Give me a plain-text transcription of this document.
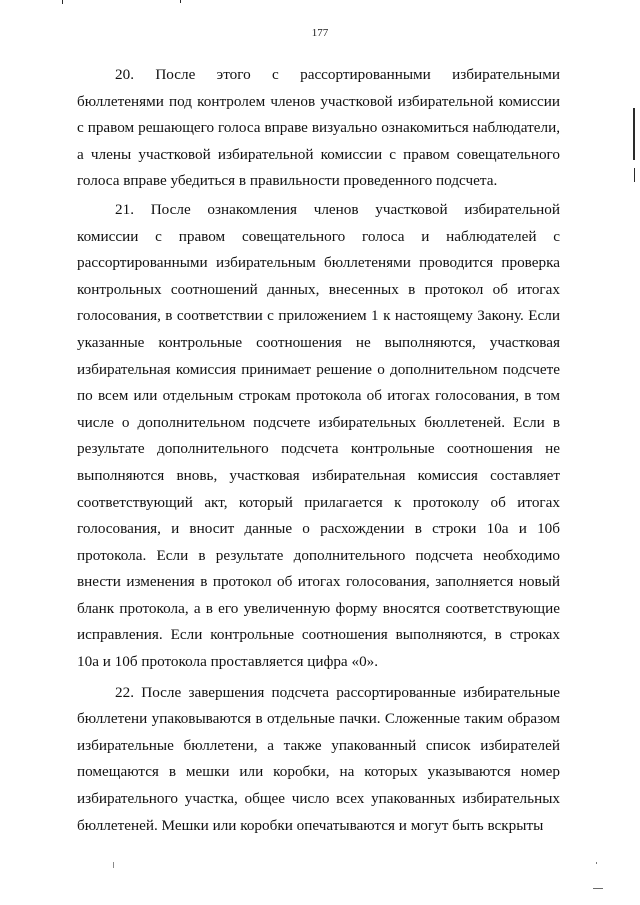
177

20. После этого с рассортированными избирательными бюллетенями под контролем членов участковой избирательной комиссии с правом решающего голоса вправе визуально ознакомиться наблюдатели, а члены участковой избирательной комиссии с правом совещательного голоса вправе убедиться в правильности проведенного подсчета.

21. После ознакомления членов участковой избирательной комиссии с правом совещательного голоса и наблюдателей с рассортированными избирательным бюллетенями проводится проверка контрольных соотношений данных, внесенных в протокол об итогах голосования, в соответствии с приложением 1 к настоящему Закону. Если указанные контрольные соотношения не выполняются, участковая избирательная комиссия принимает решение о дополнительном подсчете по всем или отдельным строкам протокола об итогах голосования, в том числе о дополнительном подсчете избирательных бюллетеней. Если в результате дополнительного подсчета контрольные соотношения не выполняются вновь, участковая избирательная комиссия составляет соответствующий акт, который прилагается к протоколу об итогах голосования, и вносит данные о расхождении в строки 10а и 10б протокола. Если в результате дополнительного подсчета необходимо внести изменения в протокол об итогах голосования, заполняется новый бланк протокола, а в его увеличенную форму вносятся соответствующие исправления. Если контрольные соотношения выполняются, в строках 10а и 10б протокола проставляется цифра «0».

22. После завершения подсчета рассортированные избирательные бюллетени упаковываются в отдельные пачки. Сложенные таким образом избирательные бюллетени, а также упакованный список избирателей помещаются в мешки или коробки, на которых указываются номер избирательного участка, общее число всех упакованных избирательных бюллетеней. Мешки или коробки опечатываются и могут быть вскрыты
